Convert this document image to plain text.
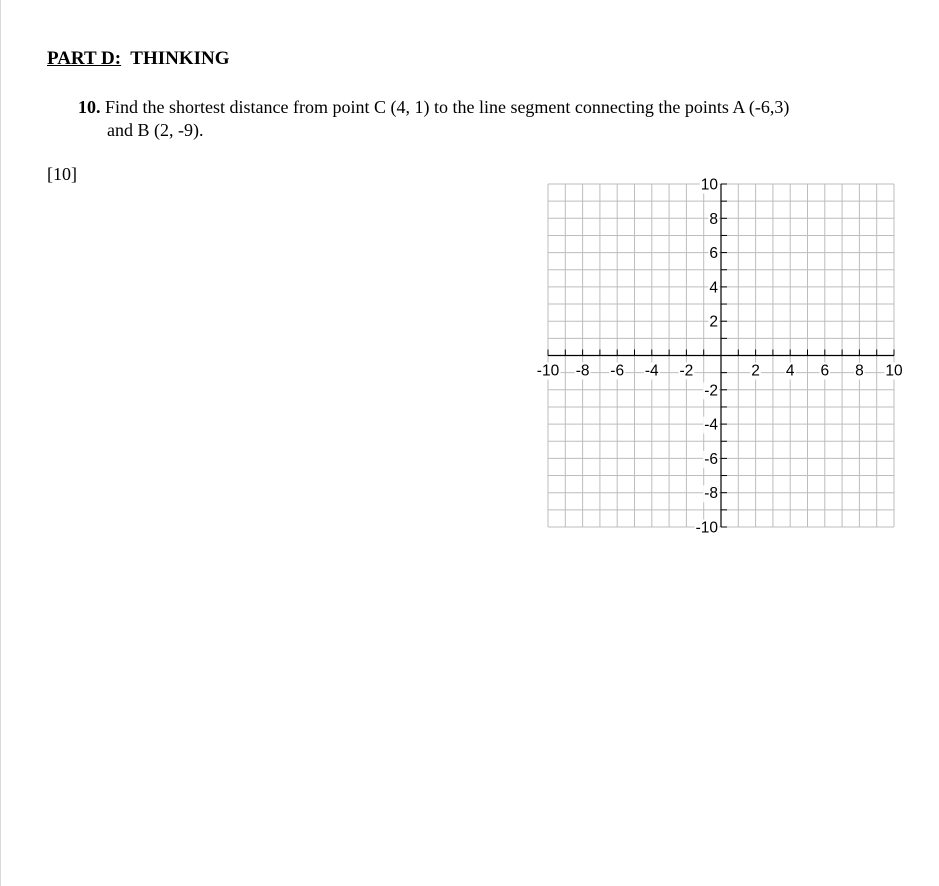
PART D: THINKING
10. Find the shortest distance from point C (4, 1) to the line segment connecting the points A (-6,3)
and B (2, -9).
[10]
-10 -8 -6 -4 -2	2 4 6 8 10
10
8
6
4
2
-2
-4
-6
-8
-10
